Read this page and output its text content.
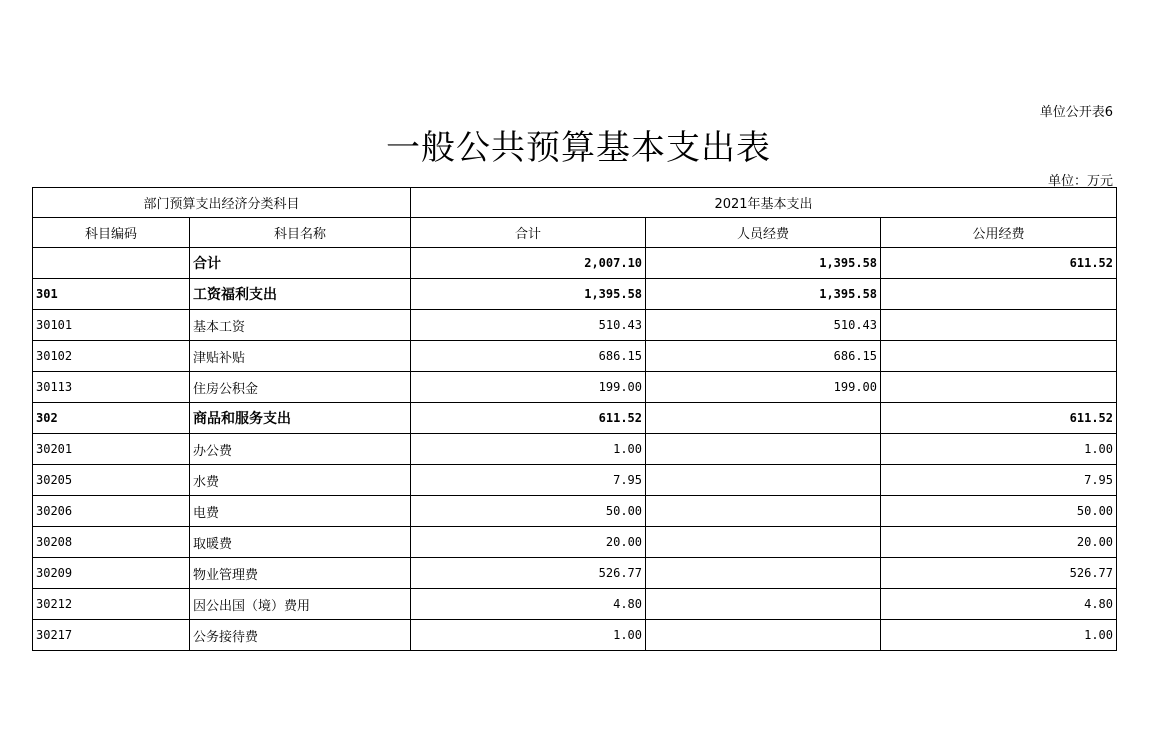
单位公开表6
一般公共预算基本支出表
单位：万元
部门预算支出经济分类科目		2021年基本支出		
科目编码	科目名称	合计	人员经费	公用经费
	合计	2,007.10	1,395.58	611.52
301	工资福利支出	1,395.58	1,395.58	
30101	基本工资	510.43	510.43	
30102	津贴补贴	686.15	686.15	
30113	住房公积金	199.00	199.00	
302	商品和服务支出	611.52		611.52
30201	办公费	1.00		1.00
30205	水费	7.95		7.95
30206	电费	50.00		50.00
30208	取暖费	20.00		20.00
30209	物业管理费	526.77		526.77
30212	因公出国（境）费用	4.80		4.80
30217	公务接待费	1.00		1.00
